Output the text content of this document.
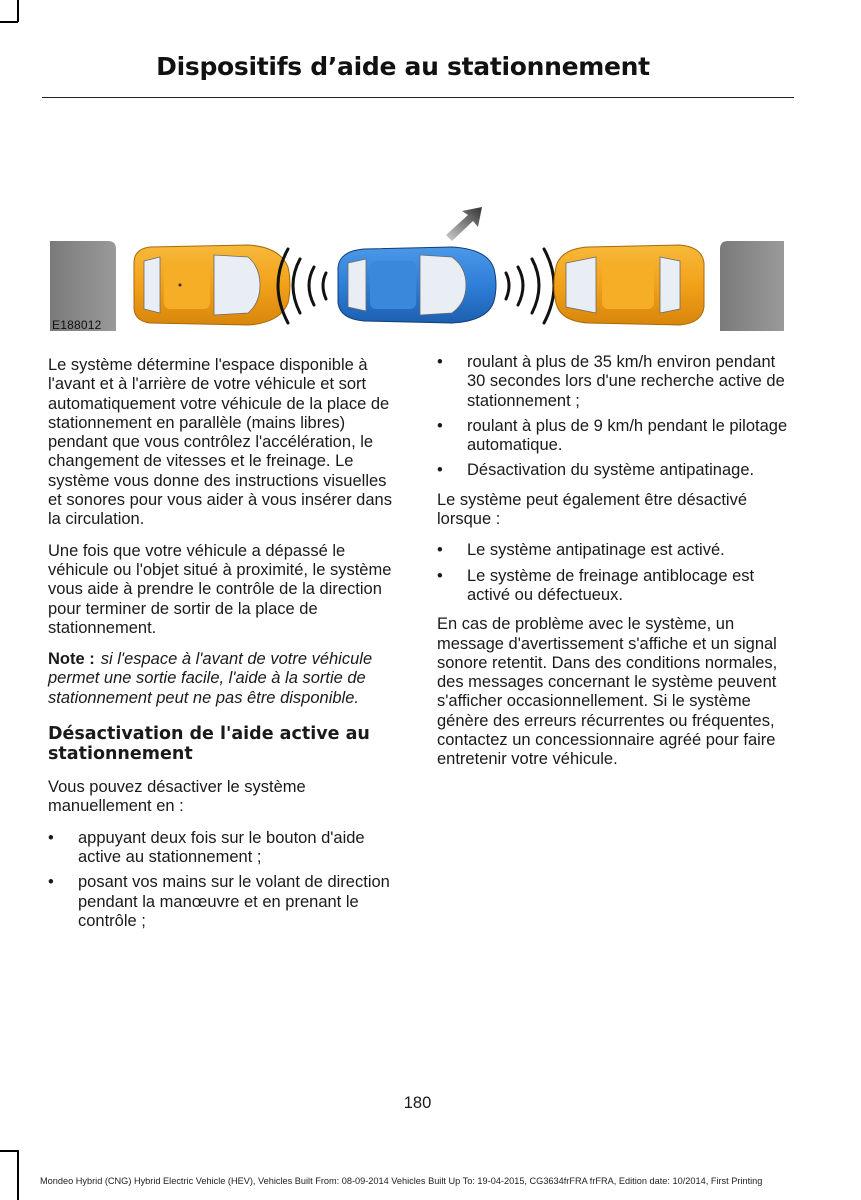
Dispositifs d’aide au stationnement
E188012

Le système détermine l'espace disponible à l'avant et à l'arrière de votre véhicule et sort automatiquement votre véhicule de la place de stationnement en parallèle (mains libres) pendant que vous contrôlez l'accélération, le changement de vitesses et le freinage. Le système vous donne des instructions visuelles et sonores pour vous aider à vous insérer dans la circulation.

Une fois que votre véhicule a dépassé le véhicule ou l'objet situé à proximité, le système vous aide à prendre le contrôle de la direction pour terminer de sortir de la place de stationnement.

Note : si l'espace à l'avant de votre véhicule permet une sortie facile, l'aide à la sortie de stationnement peut ne pas être disponible.

Désactivation de l'aide active au stationnement

Vous pouvez désactiver le système manuellement en :

• appuyant deux fois sur le bouton d'aide active au stationnement ;
• posant vos mains sur le volant de direction pendant la manœuvre et en prenant le contrôle ;
• roulant à plus de 35 km/h environ pendant 30 secondes lors d'une recherche active de stationnement ;
• roulant à plus de 9 km/h pendant le pilotage automatique.
• Désactivation du système antipatinage.

Le système peut également être désactivé lorsque :

• Le système antipatinage est activé.
• Le système de freinage antiblocage est activé ou défectueux.

En cas de problème avec le système, un message d'avertissement s'affiche et un signal sonore retentit. Dans des conditions normales, des messages concernant le système peuvent s'afficher occasionnellement. Si le système génère des erreurs récurrentes ou fréquentes, contactez un concessionnaire agréé pour faire entretenir votre véhicule.

180
Mondeo Hybrid (CNG) Hybrid Electric Vehicle (HEV), Vehicles Built From: 08-09-2014 Vehicles Built Up To: 19-04-2015, CG3634frFRA frFRA, Edition date: 10/2014, First Printing
